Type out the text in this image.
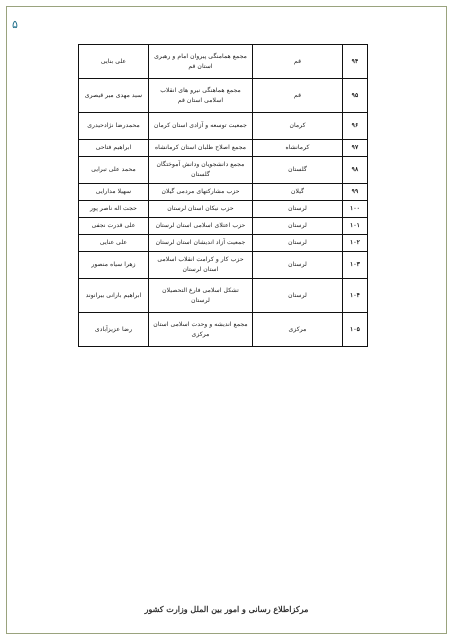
۵
۹۴	قم	مجمع همامنگی پیروان امام و رهبری استان قم	علی بنایی
۹۵	قم	مجمع هماهنگی نیرو های انقلاب اسلامی استان قم	سید مهدی میر قیصری
۹۶	کرمان	جمعیت توسعه و آزادی استان کرمان	محمدرضا نژادحیدری
۹۷	کرمانشاه	مجمع اصلاح طلبان استان کرمانشاه	ابراهیم فتاحی
۹۸	گلستان	مجمع دانشجویان ودانش آموختگان گلستان	محمد علی تبرایی
۹۹	گیلان	حزب مشارکتهای مردمی گیلان	سهیلا مدارایی
۱۰۰	لرستان	حزب نیکان استان لرستان	حجت اله ناصر پور
۱۰۱	لرستان	حزب اعتلای اسلامی استان لرستان	علی قدرت نجفی
۱۰۲	لرستان	جمعیت آزاد اندیشان استان لرستان	علی عنایی
۱۰۳	لرستان	حزب کار و کرامت انقلاب اسلامی استان لرستان	زهرا سیاه منصور
۱۰۴	لرستان	تشکل اسلامی فارغ التحصیلان لرستان	ابراهیم بارانی بیرانوند
۱۰۵	مرکزی	مجمع اندیشه و وحدت اسلامی استان مرکزی	رضا عزیزآبادی
مرکزاطلاع رسانی و امور بین الملل وزارت کشور
